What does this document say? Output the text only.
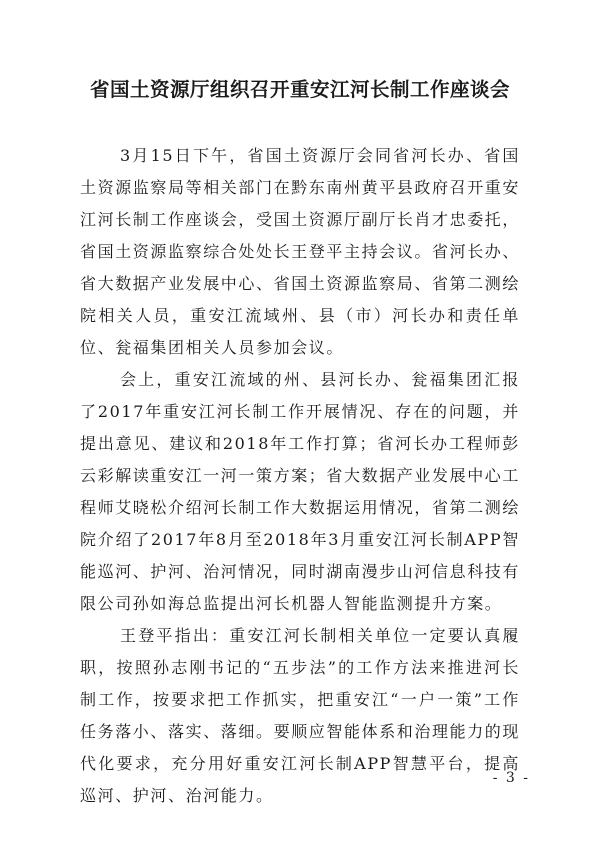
省国土资源厅组织召开重安江河长制工作座谈会

3月15日下午，省国土资源厅会同省河长办、省国土资源监察局等相关部门在黔东南州黄平县政府召开重安江河长制工作座谈会，受国土资源厅副厅长肖才忠委托，省国土资源监察综合处处长王登平主持会议。省河长办、省大数据产业发展中心、省国土资源监察局、省第二测绘院相关人员，重安江流域州、县（市）河长办和责任单位、瓮福集团相关人员参加会议。

会上，重安江流域的州、县河长办、瓮福集团汇报了2017年重安江河长制工作开展情况、存在的问题，并提出意见、建议和2018年工作打算；省河长办工程师彭云彩解读重安江一河一策方案；省大数据产业发展中心工程师艾晓松介绍河长制工作大数据运用情况，省第二测绘院介绍了2017年8月至2018年3月重安江河长制APP智能巡河、护河、治河情况，同时湖南漫步山河信息科技有限公司孙如海总监提出河长机器人智能监测提升方案。

王登平指出：重安江河长制相关单位一定要认真履职，按照孙志刚书记的“五步法”的工作方法来推进河长制工作，按要求把工作抓实，把重安江“一户一策”工作任务落小、落实、落细。要顺应智能体系和治理能力的现代化要求，充分用好重安江河长制APP智慧平台，提高巡河、护河、治河能力。

- 3 -
